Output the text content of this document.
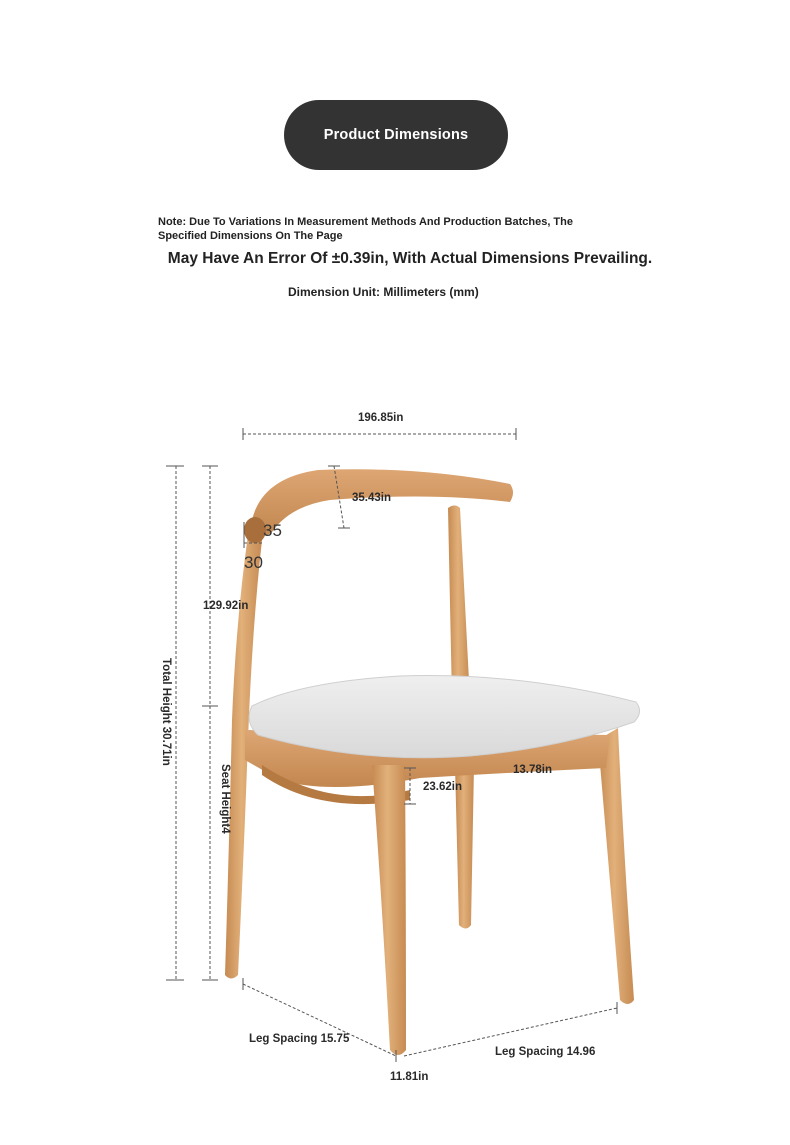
Product Dimensions
Note: Due To Variations In Measurement Methods And Production Batches, The
Specified Dimensions On The Page
May Have An Error Of ±0.39in, With Actual Dimensions Prevailing.
Dimension Unit: Millimeters (mm)
196.85in
35.43in
35
30
129.92in
Total Height 30.71in
Seat Height4	23.62in
13.78in
Leg Spacing 15.75
Leg Spacing 14.96
11.81in
